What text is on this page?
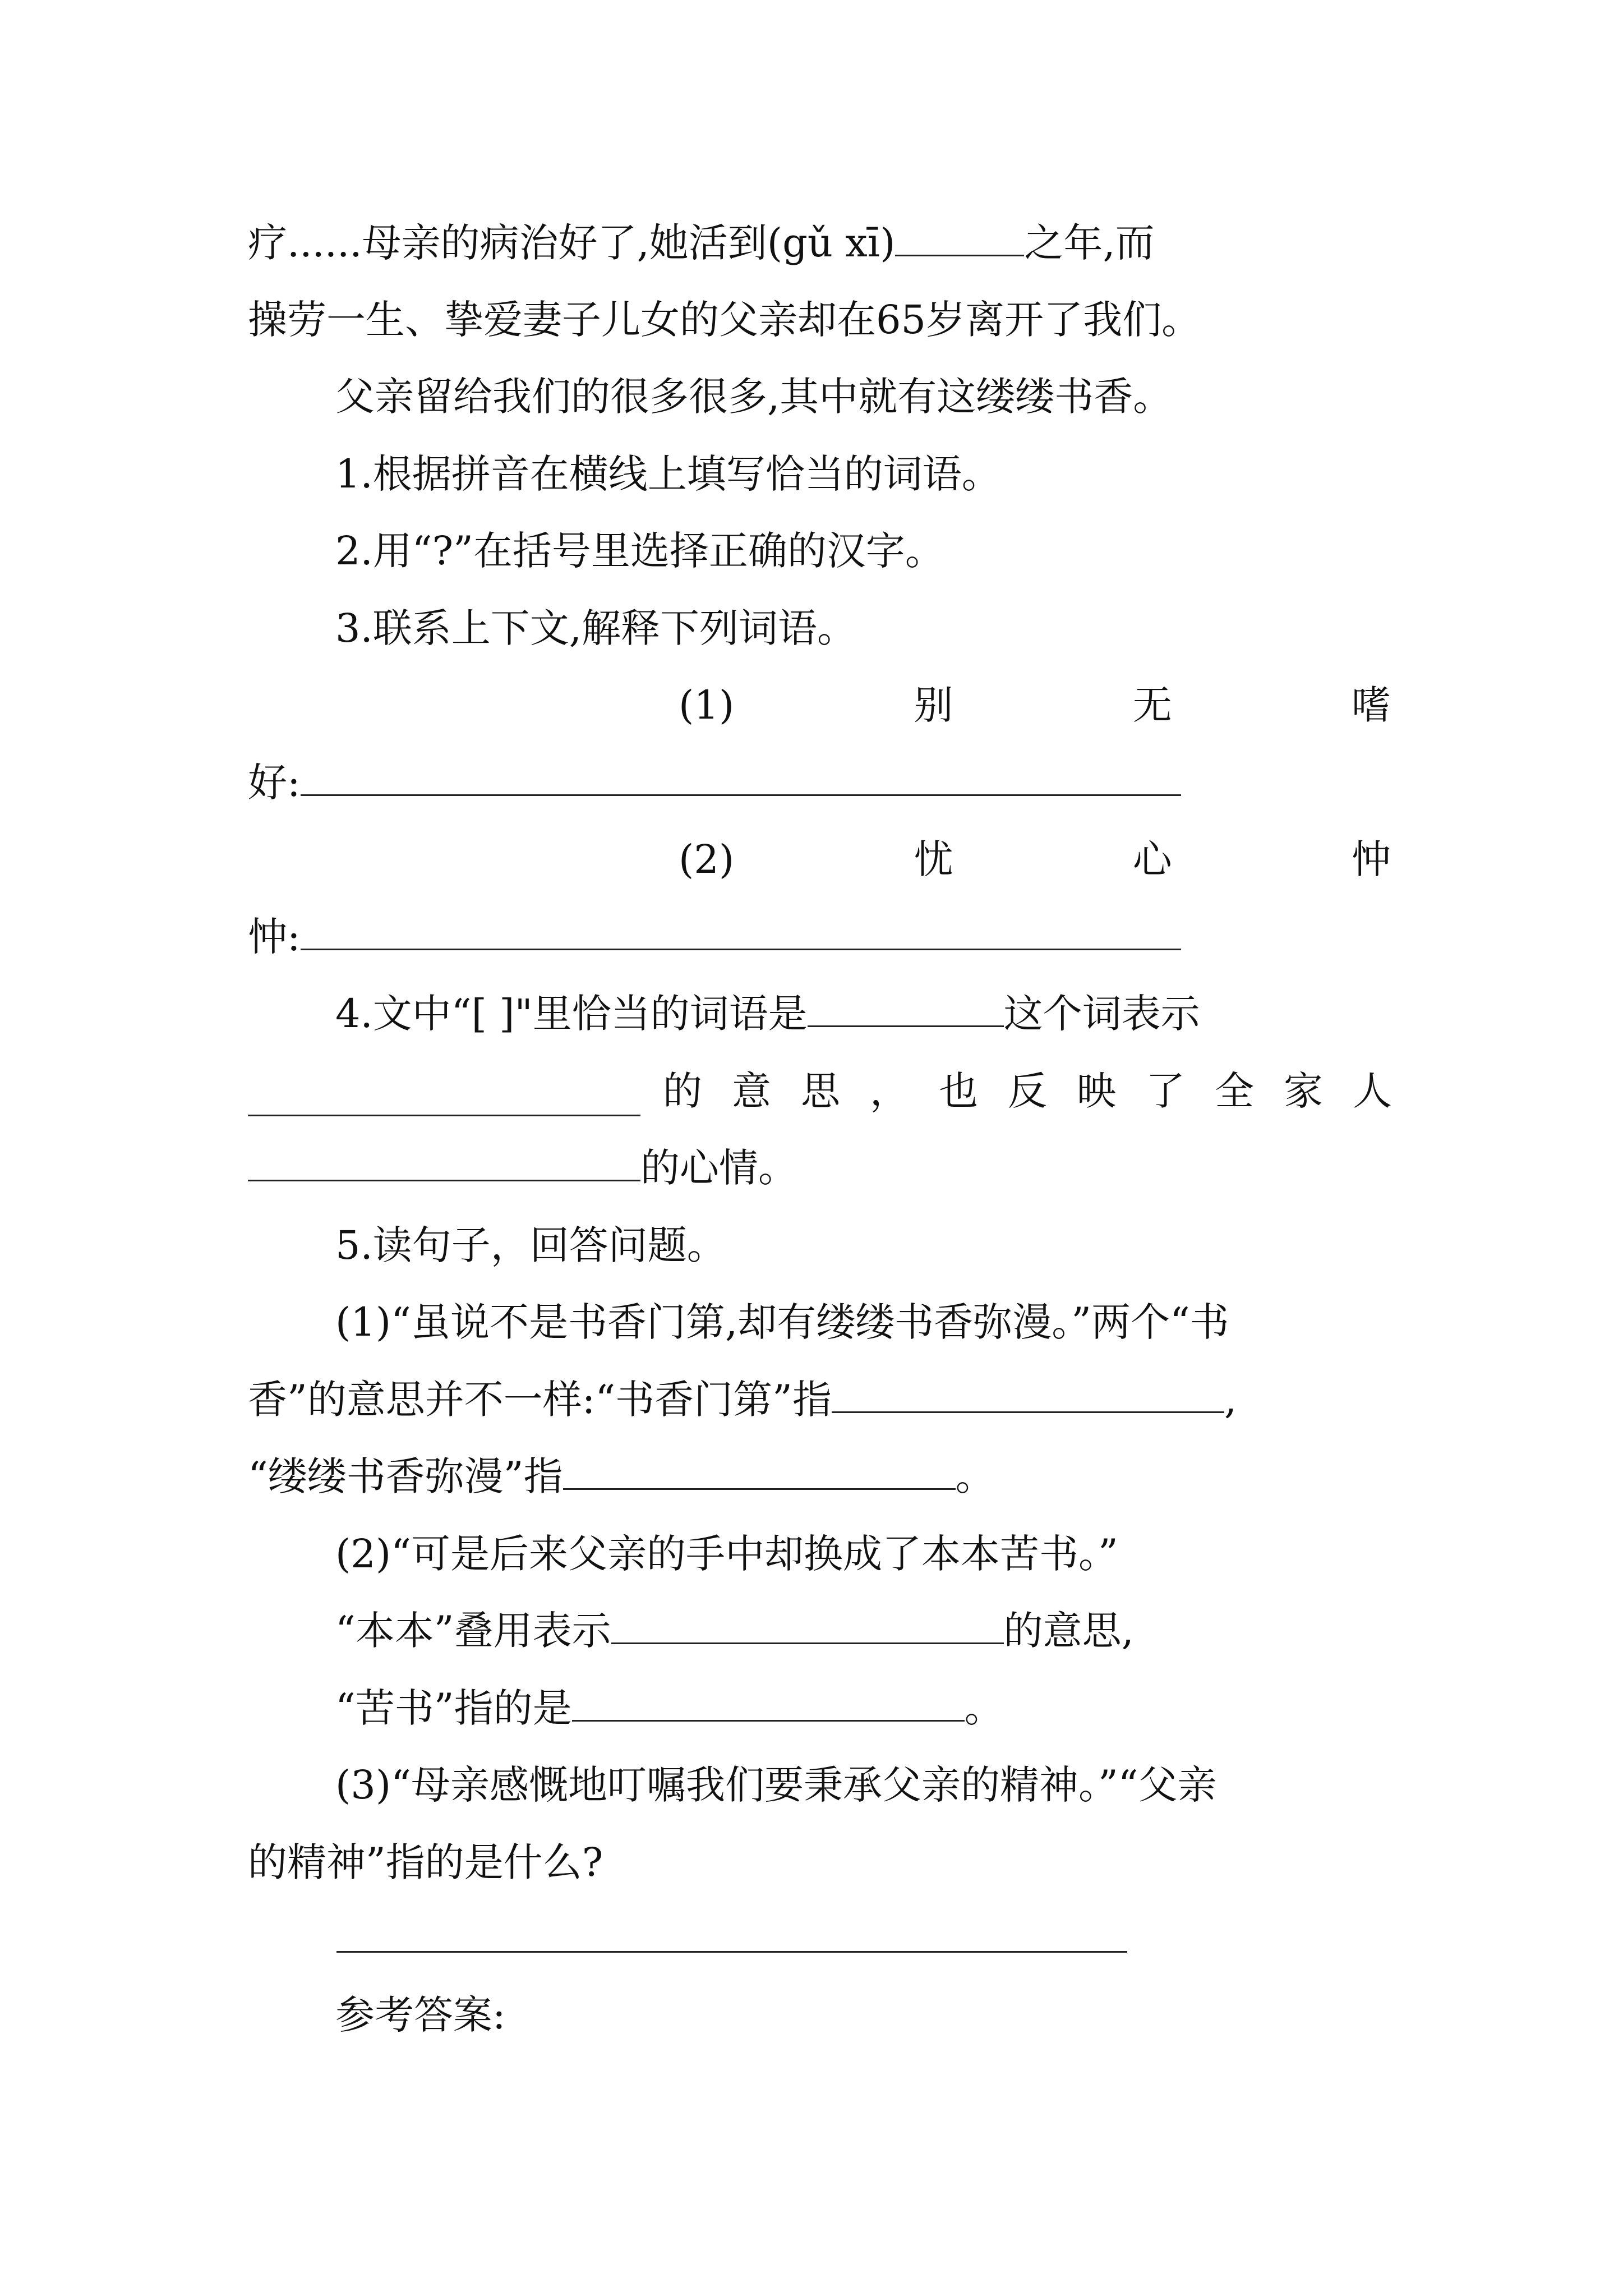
疗......母亲的病治好了,她活到(gǔ xī)	之年,而
操劳一生、挚爱妻子儿女的父亲却在65岁离开了我们。
父亲留给我们的很多很多,其中就有这缕缕书香。
1.根据拼音在横线上填写恰当的词语。
2.用“?”在括号里选择正确的汉字。
3.联系上下文,解释下列词语。
(1)	别	无	嗜
好:
(2)	忧	心	忡
忡:
4.文中“[ ]"里恰当的词语是	这个词表示
的 意 思 ， 也 反 映 了 全 家 人
的心情。
5.读句子，回答问题。
(1)“虽说不是书香门第,却有缕缕书香弥漫。”两个“书
香”的意思并不一样:“书香门第”指	,
“缕缕书香弥漫”指	。
(2)“可是后来父亲的手中却换成了本本苦书。”
“本本”叠用表示	的意思,
“苦书”指的是	。
(3)“母亲感慨地叮嘱我们要秉承父亲的精神。”“父亲
的精神”指的是什么?
参考答案:
